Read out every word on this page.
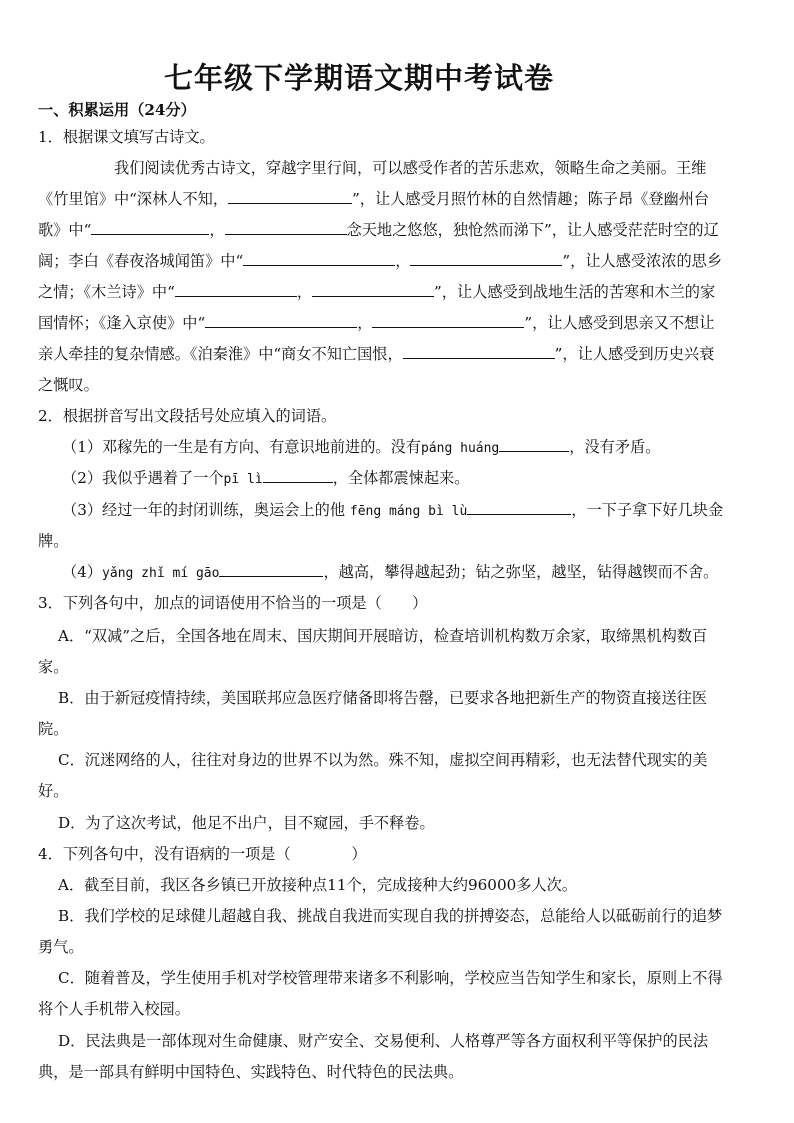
七年级下学期语文期中考试卷
一、积累运用（24分）
1．根据课文填写古诗文。
我们阅读优秀古诗文，穿越字里行间，可以感受作者的苦乐悲欢，领略生命之美丽。王维
《竹里馆》中“深林人不知，	”，让人感受月照竹林的自然情趣；陈子昂《登幽州台
歌》中“	，	念天地之悠悠，独怆然而涕下”，让人感受茫茫时空的辽
阔；李白《春夜洛城闻笛》中“	，	”，让人感受浓浓的思乡
之情；《木兰诗》中“	，	”，让人感受到战地生活的苦寒和木兰的家
国情怀；《逢入京使》中“	，	”，让人感受到思亲又不想让
亲人牵挂的复杂情感。《泊秦淮》中“商女不知亡国恨，	”，让人感受到历史兴衰
之慨叹。
2．根据拼音写出文段括号处应填入的词语。
（1）邓稼先的一生是有方向、有意识地前进的。没有páng huáng	，没有矛盾。
（2）我似乎遇着了一个pī lì	，全体都震悚起来。
（3）经过一年的封闭训练，奥运会上的他 fēng máng bì lù	，一下子拿下好几块金
牌。
（4）yǎng zhǐ mí gāo	，越高，攀得越起劲；钻之弥坚，越坚，钻得越锲而不舍。
3．下列各句中，加点的词语使用不恰当的一项是（　　）
A．“双减”之后，全国各地在周末、国庆期间开展暗访，检查培训机构数万余家，取缔黑机构数百
家。
B．由于新冠疫情持续，美国联邦应急医疗储备即将告罄，已要求各地把新生产的物资直接送往医
院。
C．沉迷网络的人，往往对身边的世界不以为然。殊不知，虚拟空间再精彩，也无法替代现实的美
好。
D．为了这次考试，他足不出户，目不窥园，手不释卷。
4．下列各句中，没有语病的一项是（　　　　）
A．截至目前，我区各乡镇已开放接种点11个，完成接种大约96000多人次。
B．我们学校的足球健儿超越自我、挑战自我进而实现自我的拼搏姿态，总能给人以砥砺前行的追梦
勇气。
C．随着普及，学生使用手机对学校管理带来诸多不利影响，学校应当告知学生和家长，原则上不得
将个人手机带入校园。
D．民法典是一部体现对生命健康、财产安全、交易便利、人格尊严等各方面权利平等保护的民法
典，是一部具有鲜明中国特色、实践特色、时代特色的民法典。
